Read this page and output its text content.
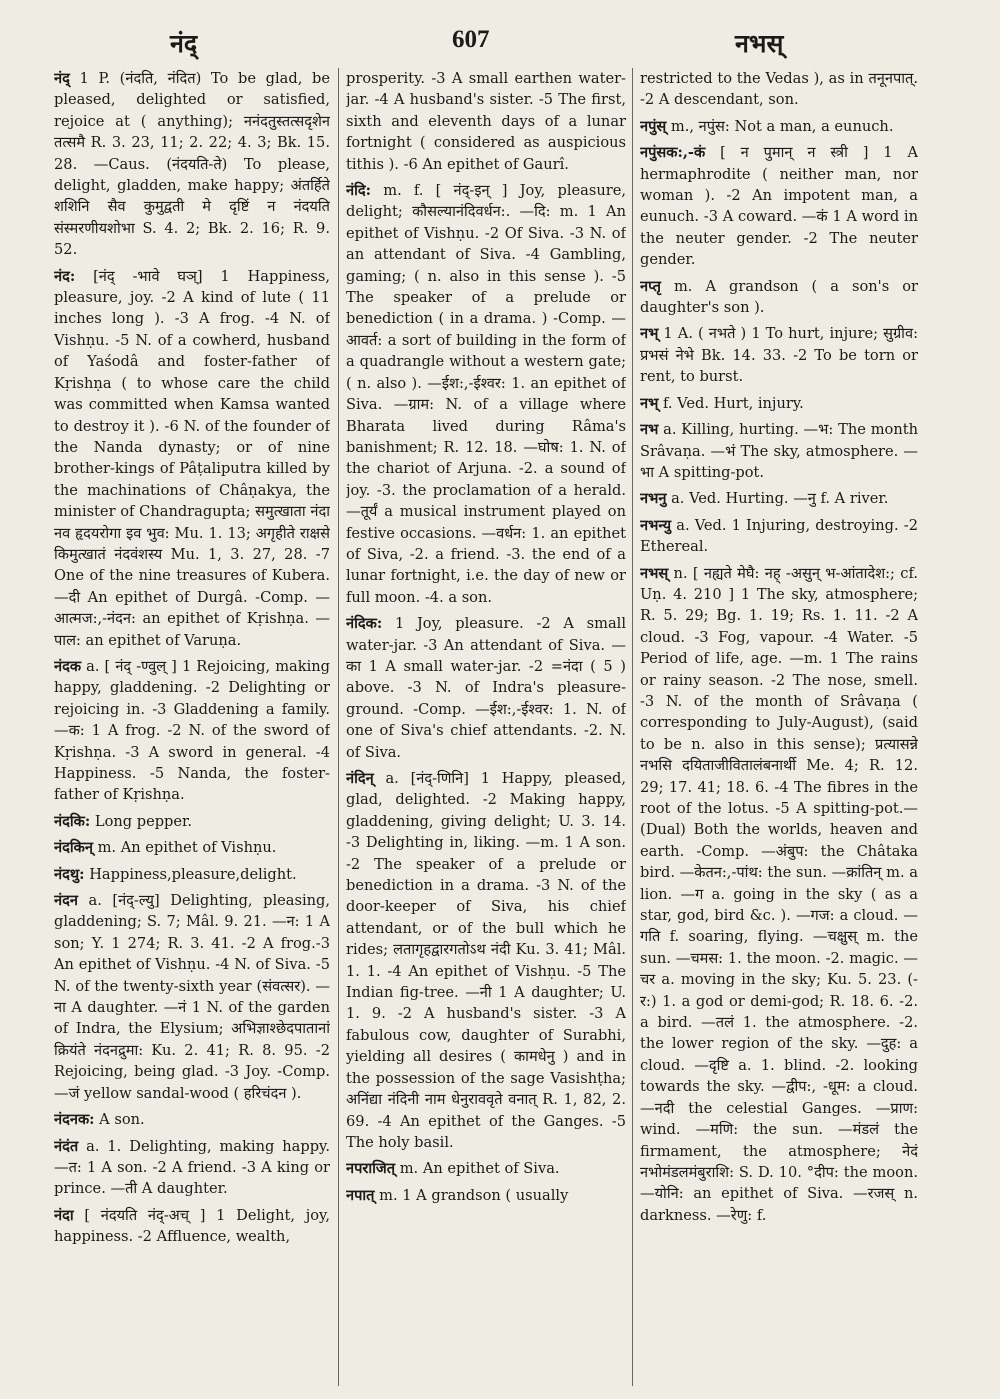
नंद्	607	नभस्

नंद् 1 P. (नंदति, नंदित) To be glad, be pleased, delighted or satisfied, rejoice at ( anything); ननंदतुस्तत्सदृशेन तत्समै R. 3. 23, 11; 2. 22; 4. 3; Bk. 15. 28. —Caus. (नंदयति-ते) To please, delight, gladden, make happy; अंतर्हिते शशिनि सैव कुमुद्वती मे दृष्टिं न नंदयति संस्मरणीयशोभा S. 4. 2; Bk. 2. 16; R. 9. 52.

नंद: [नंद् -भावे घञ्] 1 Happiness, pleasure, joy. -2 A kind of lute ( 11 inches long ). -3 A frog. -4 N. of Vishṇu. -5 N. of a cowherd, husband of Yaśodâ and foster-father of Kṛishṇa ( to whose care the child was committed when Kamsa wanted to destroy it ). -6 N. of the founder of the Nanda dynasty; or of nine brother-kings of Pâṭaliputra killed by the machinations of Châṇakya, the minister of Chandragupta; समुत्खाता नंदा नव हृदयरोगा इव भुव: Mu. 1. 13; अगृहीते राक्षसे किमुत्खातं नंदवंशस्य Mu. 1, 3. 27, 28. -7 One of the nine treasures of Kubera. —दी An epithet of Durgâ. -Comp. —आत्मज:,-नंदन: an epithet of Kṛishṇa. —पाल: an epithet of Varuṇa.

नंदक a. [ नंद् -ण्वुल् ] 1 Rejoicing, making happy, gladdening. -2 Delighting or rejoicing in. -3 Gladdening a family. —क: 1 A frog. -2 N. of the sword of Kṛishṇa. -3 A sword in general. -4 Happiness. -5 Nanda, the foster-father of Kṛishṇa.

नंदकि: Long pepper.

नंदकिन् m. An epithet of Vishṇu.

नंदथु: Happiness,pleasure,delight.

नंदन a. [नंद्-ल्यु] Delighting, pleasing, gladdening; S. 7; Mâl. 9. 21. —न: 1 A son; Y. 1 274; R. 3. 41. -2 A frog.-3 An epithet of Vishṇu. -4 N. of Siva. -5 N. of the twenty-sixth year (संवत्सर). —ना A daughter. —नं 1 N. of the garden of Indra, the Elysium; अभिज्ञाश्छेदपातानां क्रियंते नंदनद्रुमा: Ku. 2. 41; R. 8. 95. -2 Rejoicing, being glad. -3 Joy. -Comp. —जं yellow sandal-wood ( हरिचंदन ).

नंदनक: A son.

नंदंत a. 1. Delighting, making happy. —त: 1 A son. -2 A friend. -3 A king or prince. —ती A daughter.

नंदा [ नंदयति नंद्-अच् ] 1 Delight, joy, happiness. -2 Affluence, wealth,

prosperity. -3 A small earthen water-jar. -4 A husband's sister. -5 The first, sixth and eleventh days of a lunar fortnight ( considered as auspicious tithis ). -6 An epithet of Gaurî.

नंदि: m. f. [ नंद्-इन् ] Joy, pleasure, delight; कौसल्यानंदिवर्धन:. —दि: m. 1 An epithet of Vishṇu. -2 Of Siva. -3 N. of an attendant of Siva. -4 Gambling, gaming; ( n. also in this sense ). -5 The speaker of a prelude or benediction ( in a drama. ) -Comp. —आवर्त: a sort of building in the form of a quadrangle without a western gate; ( n. also ). —ईश:,-ईश्वर: 1. an epithet of Siva. —ग्राम: N. of a village where Bharata lived during Râma's banishment; R. 12. 18. —घोष: 1. N. of the chariot of Arjuna. -2. a sound of joy. -3. the proclamation of a herald. —तूर्यं a musical instrument played on festive occasions. —वर्धन: 1. an epithet of Siva, -2. a friend. -3. the end of a lunar fortnight, i.e. the day of new or full moon. -4. a son.

नंदिक: 1 Joy, pleasure. -2 A small water-jar. -3 An attendant of Siva. —का 1 A small water-jar. -2 =नंदा ( 5 ) above. -3 N. of Indra's pleasure-ground. -Comp. —ईश:,-ईश्वर: 1. N. of one of Siva's chief attendants. -2. N. of Siva.

नंदिन् a. [नंद्-णिनि] 1 Happy, pleased, glad, delighted. -2 Making happy, gladdening, giving delight; U. 3. 14. -3 Delighting in, liking. —m. 1 A son. -2 The speaker of a prelude or benediction in a drama. -3 N. of the door-keeper of Siva, his chief attendant, or of the bull which he rides; लतागृहद्वारगतोऽथ नंदी Ku. 3. 41; Mâl. 1. 1. -4 An epithet of Vishṇu. -5 The Indian fig-tree. —नी 1 A daughter; U. 1. 9. -2 A husband's sister. -3 A fabulous cow, daughter of Surabhi, yielding all desires ( कामधेनु ) and in the possession of the sage Vasishṭha; अनिंद्या नंदिनी नाम धेनुराववृते वनात् R. 1, 82, 2. 69. -4 An epithet of the Ganges. -5 The holy basil.

नपराजित् m. An epithet of Siva.

नपात् m. 1 A grandson ( usually

restricted to the Vedas ), as in तनूनपात्. -2 A descendant, son.

नपुंस् m., नपुंस: Not a man, a eunuch.

नपुंसक:,-कं [ न पुमान् न स्त्री ] 1 A hermaphrodite ( neither man, nor woman ). -2 An impotent man, a eunuch. -3 A coward. —कं 1 A word in the neuter gender. -2 The neuter gender.

नप्तृ m. A grandson ( a son's or daughter's son ).

नभ् 1 A. ( नभते ) 1 To hurt, injure; सुग्रीव: प्रभसं नेभे Bk. 14. 33. -2 To be torn or rent, to burst.

नभ् f. Ved. Hurt, injury.

नभ a. Killing, hurting. —भ: The month Srâvaṇa. —भं The sky, atmosphere. —भा A spitting-pot.

नभनु a. Ved. Hurting. —नु f. A river.

नभन्यु a. Ved. 1 Injuring, destroying. -2 Ethereal.

नभस् n. [ नह्यते मेघै: नह् -असुन् भ-आंतादेश:; cf. Uṇ. 4. 210 ] 1 The sky, atmosphere; R. 5. 29; Bg. 1. 19; Rs. 1. 11. -2 A cloud. -3 Fog, vapour. -4 Water. -5 Period of life, age. —m. 1 The rains or rainy season. -2 The nose, smell. -3 N. of the month of Srâvaṇa ( corresponding to July-August), (said to be n. also in this sense); प्रत्यासन्ने नभसि दयिताजीवितालंबनार्थी Me. 4; R. 12. 29; 17. 41; 18. 6. -4 The fibres in the root of the lotus. -5 A spitting-pot.—(Dual) Both the worlds, heaven and earth. -Comp. —अंबुप: the Châtaka bird. —केतन:,-पांथ: the sun. —क्रांतिन् m. a lion. —ग a. going in the sky ( as a star, god, bird &c. ). —गज: a cloud. —गति f. soaring, flying. —चक्षुस् m. the sun. —चमस: 1. the moon. -2. magic. —चर a. moving in the sky; Ku. 5. 23. (-र:) 1. a god or demi-god; R. 18. 6. -2. a bird. —तलं 1. the atmosphere. -2. the lower region of the sky. —दुह: a cloud. —दृष्टि a. 1. blind. -2. looking towards the sky. —द्वीप:, -धूम: a cloud. —नदी the celestial Ganges. —प्राण: wind. —मणि: the sun. —मंडलं the firmament, the atmosphere; नेदं नभोमंडलमंबुराशि: S. D. 10. °दीप: the moon. —योनि: an epithet of Siva. —रजस् n. darkness. —रेणु: f.
